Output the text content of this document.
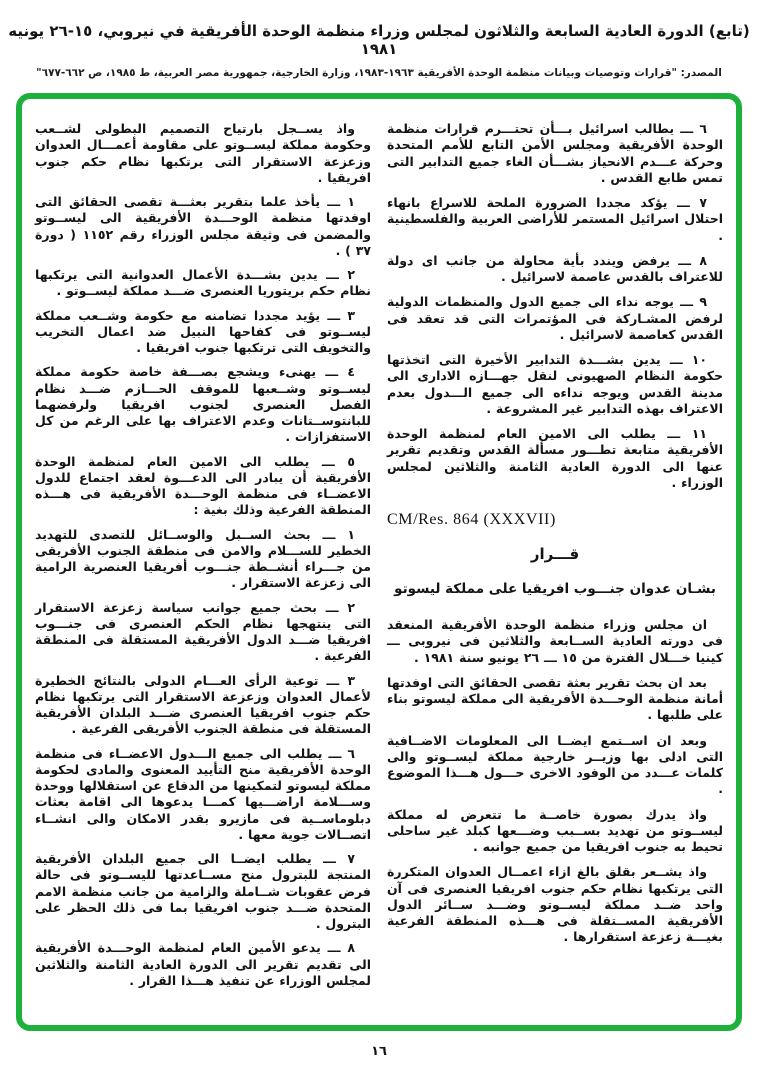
(تابع) الدورة العادية السابعة والثلاثون لمجلس وزراء منظمة الوحدة الأفريقية في نيروبي، ١٥-٢٦ يونيه ١٩٨١
المصدر: "قرارات وتوصيات وبيانات منظمة الوحدة الأفريقية ١٩٦٣-١٩٨٣، وزارة الخارجية، جمهورية مصر العربية، ط ١٩٨٥، ص ٦٦٢-٦٧٧"

٦ ـــ يطالب اسرائيل بـــأن تحتـــرم قرارات منظمة الوحدة الأفريقية ومجلس الأمن التابع للأمم المتحدة وحركة عـــدم الانحياز بشـــأن الغاء جميع التدابير التى تمس طابع القدس .

٧ ـــ يؤكد مجددا الضرورة الملحة للاسراع بانهاء احتلال اسرائيل المستمر للأراضى العربية والفلسطينية .

٨ ـــ يرفض ويندد بأية محاولة من جانب اى دولة للاعتراف بالقدس عاصمة لاسرائيل .

٩ ـــ يوجه نداء الى جميع الدول والمنظمات الدولية لرفض المشـاركة فى المؤتمرات التى قد تعقد فى القدس كعاصمة لاسرائيل .

١٠ ـــ يدين بشـــدة التدابير الأخيرة التى اتخذتها حكومة النظام الصهيونى لنقل جهـــازه الادارى الى مدينة القدس ويوجه نداءه الى جميع الـــدول بعدم الاعتراف بهذه التدابير غير المشروعة .

١١ ـــ يطلب الى الامين العام لمنظمة الوحدة الأفريقية متابعة تطـــور مسألة القدس وتقديم تقرير عنها الى الدورة العادية الثامنة والثلاثين لمجلس الوزراء .

CM/Res. 864 (XXXVII)
قـــرار
بشـان عدوان جنـــوب افريقيا على مملكة ليسوتو

ان مجلس وزراء منظمة الوحدة الأفريقية المنعقد فى دورته العادية الســابعة والثلاثين فى نيروبى ـــ كينيا خـــلال الفترة من ١٥ ـــ ٢٦ يونيو سنة ١٩٨١ .

بعد ان بحث تقرير بعثة تقصى الحقائق التى اوفدتها أمانة منظمة الوحـــدة الأفريقية الى مملكة ليسوتو بناء على طلبها .

وبعد ان اســتمع ايضــا الى المعلومات الاضــافية التى ادلى بها وزيــر خارجية مملكة ليســوتو والى كلمات عـــدد من الوفود الاخرى حـــول هـــذا الموضوع .

واذ يدرك بصورة خاصــة ما تتعرض له مملكة ليســوتو من تهديد بســبب وضـــعها كبلد غير ساحلى تحيط به جنوب افريقيا من جميع جوانبه .

واذ يشــعر بقلق بالغ ازاء اعمــال العدوان المتكررة التى يرتكبها نظام حكم جنوب افريقيا العنصرى فى آن واحد ضــد مملكة ليســوتو وضـــد ســائر الدول الأفريقية المســتقلة فى هـــذه المنطقة الفرعية بغيـــة زعزعة استقرارها .

واذ يســجل بارتياح التصميم البطولى لشــعب وحكومة مملكة ليســوتو على مقاومة أعمـــال العدوان وزعزعة الاستقرار التى يرتكبها نظام حكم جنوب افريقيا .

١ ـــ يأخذ علما بتقرير بعثـــة تقصى الحقائق التى اوفدتها منظمة الوحـــدة الأفريقية الى ليســوتو والمضمن فى وثيقة مجلس الوزراء رقم ١١٥٢ ( دورة ٣٧ ) .

٢ ـــ يدين بشـــدة الأعمال العدوانية التى يرتكبها نظام حكم بريتوريا العنصرى ضـــد مملكة ليســوتو .

٣ ـــ يؤيد مجددا تضامنه مع حكومة وشــعب مملكة ليســوتو فى كفاحها النبيل ضد اعمال التخريب والتخويف التى ترتكبها جنوب افريقيا .

٤ ـــ يهنىء ويشجع بصـــفة خاصة حكومة مملكة ليســوتو وشــعبها للموقف الحـــازم ضـــد نظام الفصل العنصرى لجنوب افريقيا ولرفضهما للبانتوســتانات وعدم الاعتراف بها على الرغم من كل الاستفزازات .

٥ ـــ يطلب الى الامين العام لمنظمة الوحدة الأفريقية أن يبادر الى الدعـــوة لعقد اجتماع للدول الاعضــاء فى منظمة الوحـــدة الأفريقية فى هـــذه المنطقة الفرعية وذلك بغية :

١ ـــ بحث الســبل والوســائل للتصدى للتهديد الخطير للســـلام والامن فى منطقة الجنوب الأفريقى من جـــراء أنشــطة جنـــوب أفريقيا العنصرية الرامية الى زعزعة الاستقرار .

٢ ـــ بحث جميع جوانب سياسة زعزعة الاستقرار التى ينتهجها نظام الحكم العنصرى فى جنـــوب افريقيا ضـــد الدول الأفريقية المستقلة فى المنطقة الفرعية .

٣ ـــ توعية الرأى العـــام الدولى بالنتائج الخطيرة لأعمال العدوان وزعزعة الاستقرار التى يرتكبها نظام حكم جنوب افريقيا العنصرى ضـــد البلدان الأفريقية المستقلة فى منطقة الجنوب الأفريقى الفرعية .

٦ ـــ يطلب الى جميع الـــدول الاعضــاء فى منظمة الوحدة الأفريقية منح التأييد المعنوى والمادى لحكومة مملكة ليسوتو لتمكينها من الدفاع عن استقلالها ووحدة وســـلامة اراضـــيها كمـــا يدعوها الى اقامة بعثات دبلوماســية فى مازيرو بقدر الامكان والى انشــاء اتصــالات جوية معها .

٧ ـــ يطلب ايضــا الى جميع البلدان الأفريقية المنتجة للبترول منح مســاعدتها لليســوتو فى حالة فرض عقوبات شــاملة والزامية من جانب منظمة الامم المتحدة ضـــد جنوب افريقيا بما فى ذلك الحظر على البترول .

٨ ـــ يدعو الأمين العام لمنظمة الوحـــدة الأفريقية الى تقديم تقرير الى الدورة العادية الثامنة والثلاثين لمجلس الوزراء عن تنفيذ هـــذا القرار .

١٦
